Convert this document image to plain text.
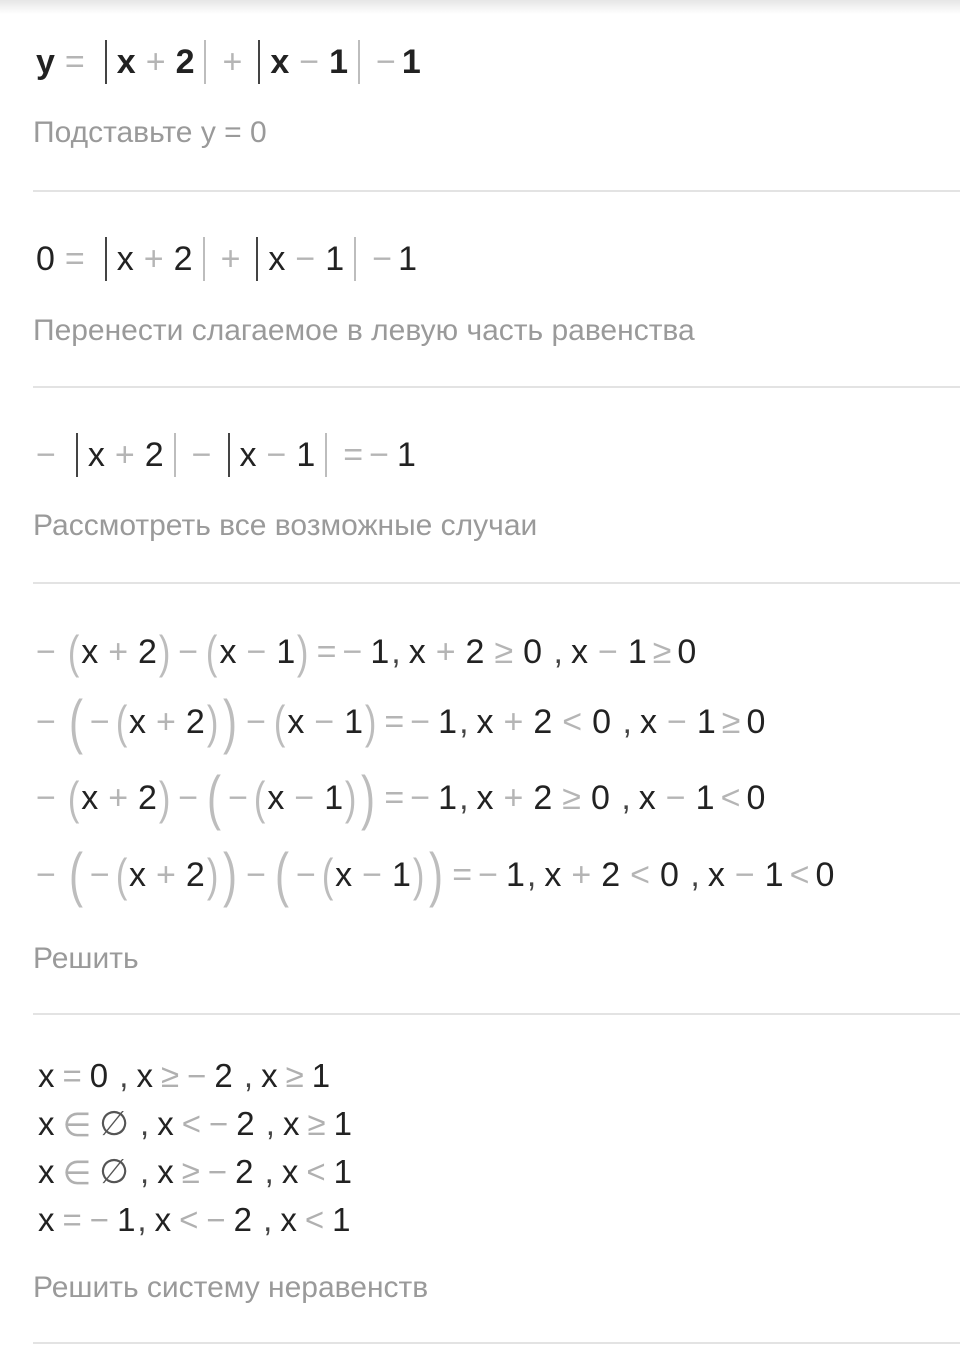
y = x + 2 + x − 1 − 1
Подставьте y = 0
0 = x + 2 + x − 1 − 1
Перенести слагаемое в левую часть равенства
− x + 2 − x − 1 = − 1
Рассмотреть все возможные случаи
− ( x + 2 ) − ( x − 1 ) = − 1 , x + 2 ≥ 0 , x − 1 ≥ 0
− ( − ( x + 2 ) ) − ( x − 1 ) = − 1 , x + 2 < 0 , x − 1 ≥ 0
− ( x + 2 ) − ( − ( x − 1 ) ) = − 1 , x + 2 ≥ 0 , x − 1 < 0
− ( − ( x + 2 ) ) − ( − ( x − 1 ) ) = − 1 , x + 2 < 0 , x − 1 < 0
Решить
x = 0 , x ≥ − 2 , x ≥ 1
x ∈ ∅ , x < − 2 , x ≥ 1
x ∈ ∅ , x ≥ − 2 , x < 1
x = − 1 , x < − 2 , x < 1
Решить систему неравенств
